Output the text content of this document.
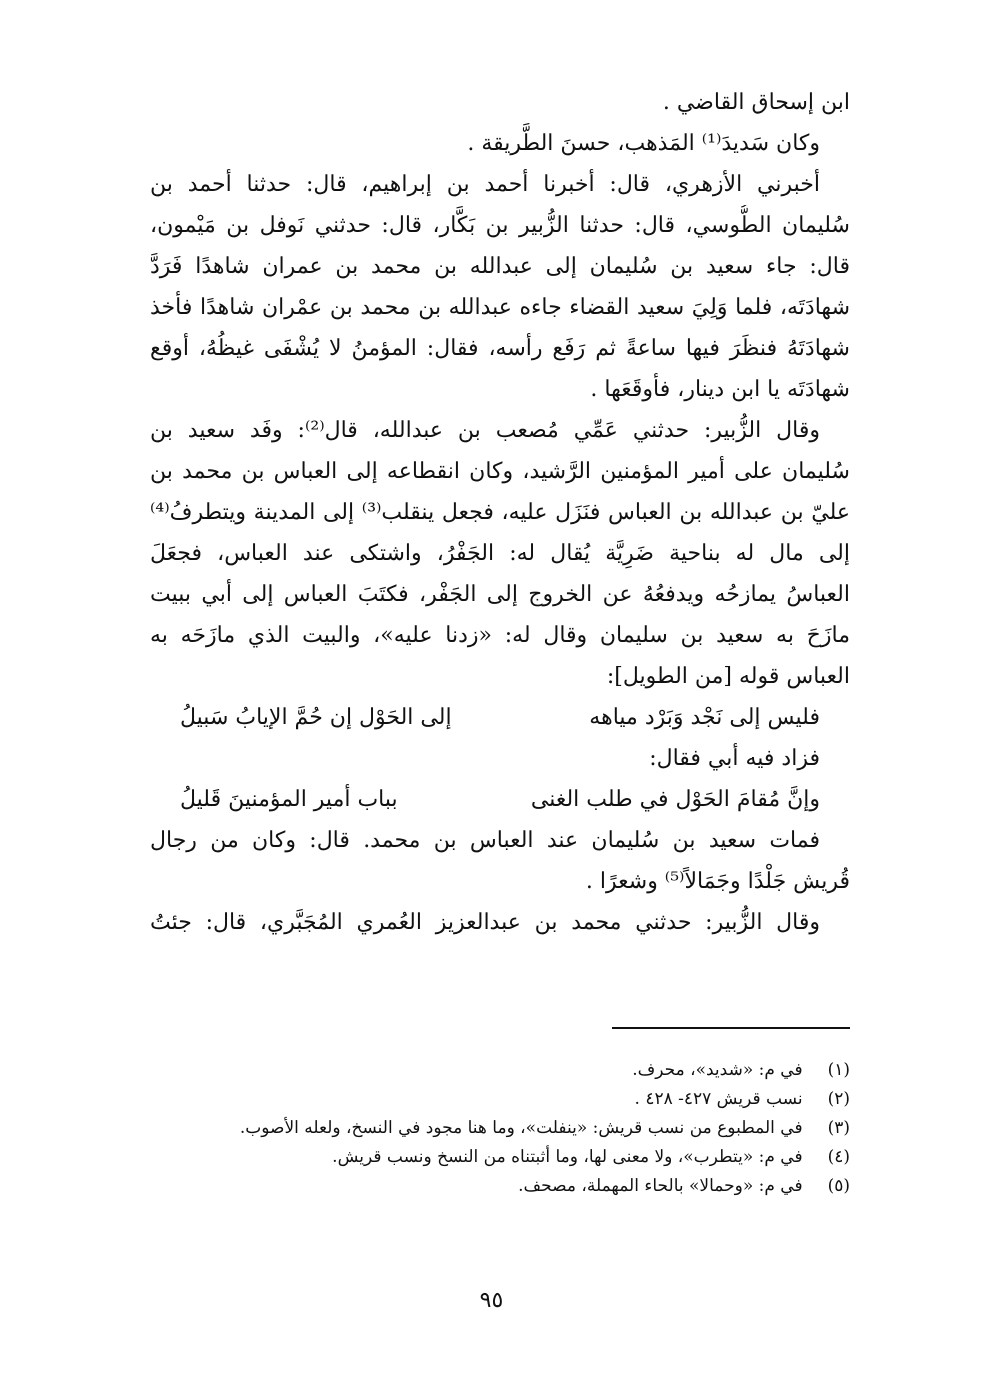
ابن إسحاق القاضي .
وكان سَديدَ⁽¹⁾ المَذهب، حسنَ الطَّريقة .
أخبرني الأزهري، قال: أخبرنا أحمد بن إبراهيم، قال: حدثنا أحمد بن
سُليمان الطُّوسي، قال: حدثنا الزُّبير بن بَكَّار، قال: حدثني نَوفل بن مَيْمون،
قال: جاء سعيد بن سُليمان إلى عبدالله بن محمد بن عمران شاهدًا فَرَدَّ
شهادَتَه، فلما وَلِيَ سعيد القضاء جاءه عبدالله بن محمد بن عمْران شاهدًا فأخذ
شهادَتَهُ فنظَرَ فيها ساعةً ثم رَفَع رأسه، فقال: المؤمنُ لا يُشْفَى غيظُهُ، أوقع
شهادَتَه يا ابن دينار، فأوقَعَها .
وقال الزُّبير: حدثني عَمِّي مُصعب بن عبدالله، قال⁽²⁾: وفَد سعيد بن
سُليمان على أمير المؤمنين الرَّشيد، وكان انقطاعه إلى العباس بن محمد بن
عليّ بن عبدالله بن العباس فنَزَل عليه، فجعل ينقلب⁽³⁾ إلى المدينة ويتطرفُ⁽⁴⁾
إلى مال له بناحية ضَرِيَّة يُقال له: الجَفْرُ، واشتكى عند العباس، فجعَلَ
العباسُ يمازحُه ويدفعُهُ عن الخروج إلى الجَفْر، فكتَبَ العباس إلى أبي ببيت
مازَحَ به سعيد بن سليمان وقال له: «زدنا عليه»، والبيت الذي مازَحَه به
العباس قوله [من الطويل]:
فليس إلى نَجْد وَبَرْد مياهه
إلى الحَوْل إن حُمَّ الإيابُ سَبيلُ
فزاد فيه أبي فقال:
وإنَّ مُقامَ الحَوْل في طلب الغنى
بباب أمير المؤمنينَ قَليلُ
فمات سعيد بن سُليمان عند العباس بن محمد. قال: وكان من رجال
قُريش جَلْدًا وجَمَالاً⁽⁵⁾ وشعرًا .
وقال الزُّبير: حدثني محمد بن عبدالعزيز العُمري المُجَبَّري، قال: جئتُ
(١) في م: «شديد»، محرف.
(٢) نسب قريش ٤٢٧- ٤٢٨ .
(٣) في المطبوع من نسب قريش: «ينفلت»، وما هنا مجود في النسخ، ولعله الأصوب.
(٤) في م: «يتطرب»، ولا معنى لها، وما أثبتناه من النسخ ونسب قريش.
(٥) في م: «وحمالا» بالحاء المهملة، مصحف.
٩٥
